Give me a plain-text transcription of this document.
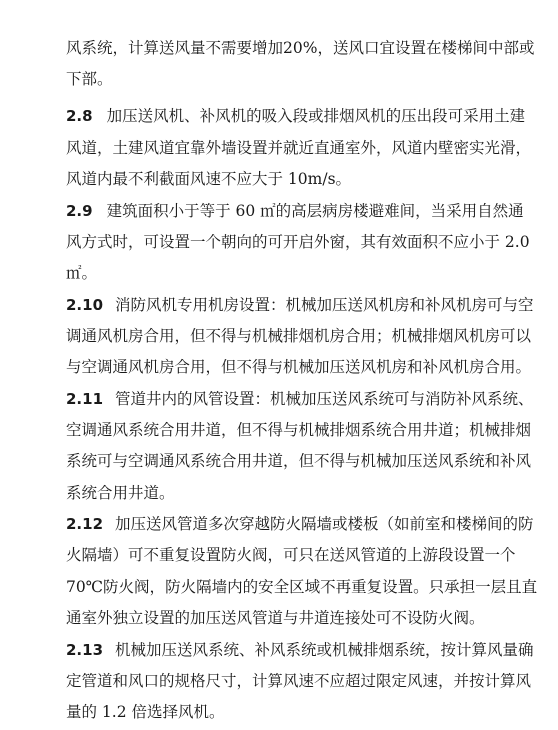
风系统，计算送风量不需要增加20%，送风口宜设置在楼梯间中部或
下部。
2.8 加压送风机、补风机的吸入段或排烟风机的压出段可采用土建
风道，土建风道宜靠外墙设置并就近直通室外，风道内壁密实光滑，
风道内最不利截面风速不应大于 10m/s。
2.9 建筑面积小于等于 60 ㎡的高层病房楼避难间，当采用自然通
风方式时，可设置一个朝向的可开启外窗，其有效面积不应小于 2.0
㎡。
2.10 消防风机专用机房设置：机械加压送风机房和补风机房可与空
调通风机房合用，但不得与机械排烟机房合用；机械排烟风机房可以
与空调通风机房合用，但不得与机械加压送风机房和补风机房合用。
2.11 管道井内的风管设置：机械加压送风系统可与消防补风系统、
空调通风系统合用井道，但不得与机械排烟系统合用井道；机械排烟
系统可与空调通风系统合用井道，但不得与机械加压送风系统和补风
系统合用井道。
2.12 加压送风管道多次穿越防火隔墙或楼板（如前室和楼梯间的防
火隔墙）可不重复设置防火阀，可只在送风管道的上游段设置一个
70℃防火阀，防火隔墙内的安全区域不再重复设置。只承担一层且直
通室外独立设置的加压送风管道与井道连接处可不设防火阀。
2.13 机械加压送风系统、补风系统或机械排烟系统，按计算风量确
定管道和风口的规格尺寸，计算风速不应超过限定风速，并按计算风
量的 1.2 倍选择风机。
